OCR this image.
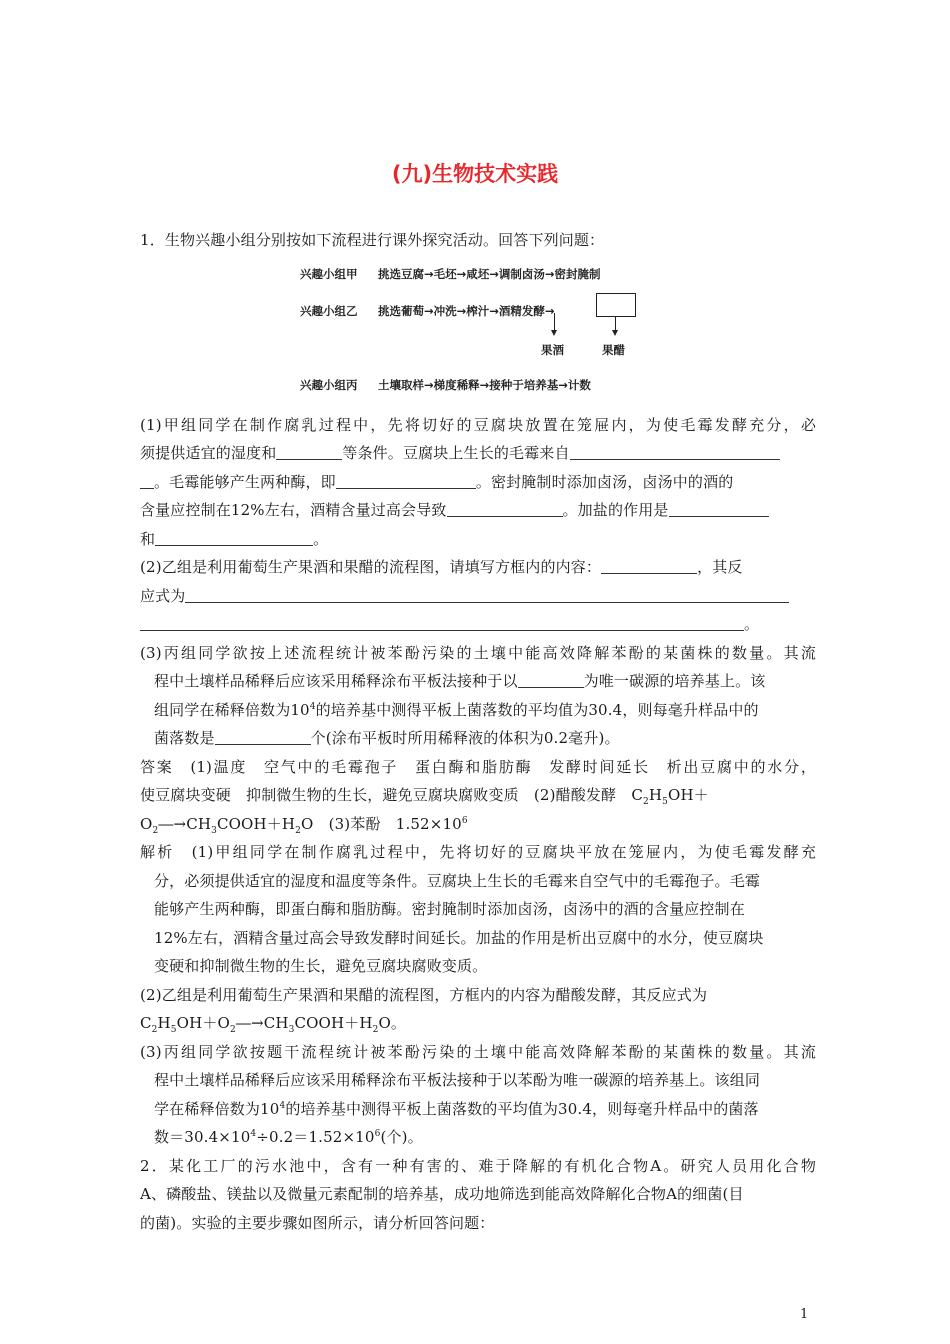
(九)生物技术实践
1．生物兴趣小组分别按如下流程进行课外探究活动。回答下列问题：
兴趣小组甲 挑选豆腐→毛坯→咸坯→调制卤汤→密封腌制
兴趣小组乙 挑选葡萄→冲洗→榨汁→酒精发酵→
果酒	果醋
兴趣小组丙 土壤取样→梯度稀释→接种于培养基→计数
(1)甲组同学在制作腐乳过程中，先将切好的豆腐块放置在笼屉内，为使毛霉发酵充分，必
须提供适宜的湿度和	等条件。豆腐块上生长的毛霉来自
。毛霉能够产生两种酶，即	。密封腌制时添加卤汤，卤汤中的酒的
含量应控制在12%左右，酒精含量过高会导致	。加盐的作用是
和	。
(2)乙组是利用葡萄生产果酒和果醋的流程图，请填写方框内的内容：	，其反
应式为
。
(3)丙组同学欲按上述流程统计被苯酚污染的土壤中能高效降解苯酚的某菌株的数量。其流
程中土壤样品稀释后应该采用稀释涂布平板法接种于以	为唯一碳源的培养基上。该
组同学在稀释倍数为$10^4$的培养基中测得平板上菌落数的平均值为30.4，则每毫升样品中的
菌落数是	个(涂布平板时所用稀释液的体积为0.2毫升)。
答案　(1)温度　空气中的毛霉孢子　蛋白酶和脂肪酶　发酵时间延长　析出豆腐中的水分，
使豆腐块变硬　抑制微生物的生长，避免豆腐块腐败变质　(2)醋酸发酵　$C_2H_5OH+$
$O_2―\to CH_3COOH+H_2O$　(3)苯酚　$1.52\times 10^6$
解析　(1)甲组同学在制作腐乳过程中，先将切好的豆腐块平放在笼屉内，为使毛霉发酵充
分，必须提供适宜的湿度和温度等条件。豆腐块上生长的毛霉来自空气中的毛霉孢子。毛霉
能够产生两种酶，即蛋白酶和脂肪酶。密封腌制时添加卤汤，卤汤中的酒的含量应控制在
12%左右，酒精含量过高会导致发酵时间延长。加盐的作用是析出豆腐中的水分，使豆腐块
变硬和抑制微生物的生长，避免豆腐块腐败变质。
(2)乙组是利用葡萄生产果酒和果醋的流程图，方框内的内容为醋酸发酵，其反应式为
$C_2H_5OH+O_2―\to CH_3COOH+H_2O$。
(3)丙组同学欲按题干流程统计被苯酚污染的土壤中能高效降解苯酚的某菌株的数量。其流
程中土壤样品稀释后应该采用稀释涂布平板法接种于以苯酚为唯一碳源的培养基上。该组同
学在稀释倍数为$10^4$的培养基中测得平板上菌落数的平均值为30.4，则每毫升样品中的菌落
数$=30.4\times 10^4\div 0.2=1.52\times 10^6$(个)。
2．某化工厂的污水池中，含有一种有害的、难于降解的有机化合物A。研究人员用化合物
A、磷酸盐、镁盐以及微量元素配制的培养基，成功地筛选到能高效降解化合物A的细菌(目
的菌)。实验的主要步骤如图所示，请分析回答问题：
1
